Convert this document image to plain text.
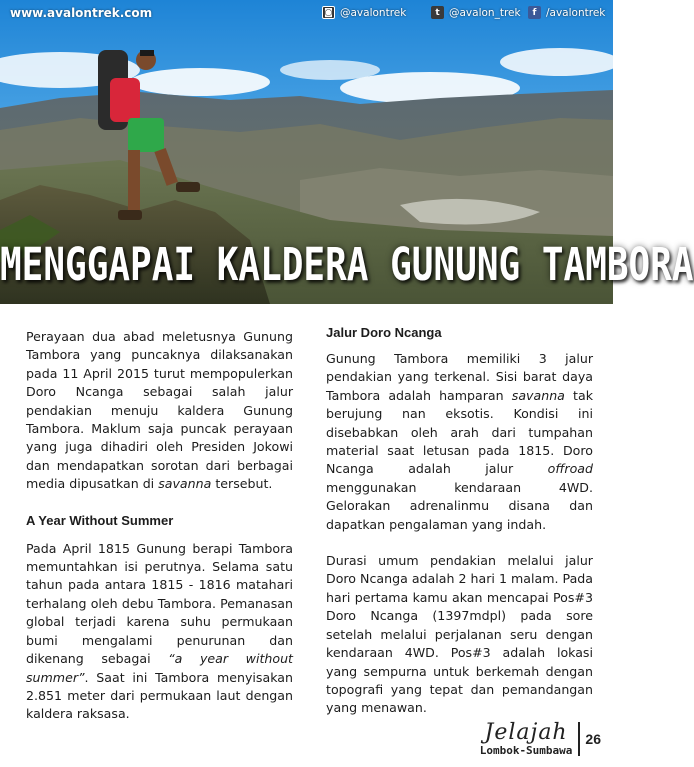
www.avalontrek.com	◙ @avalontrek	t @avalon_trek	f /avalontrek
MENGGAPAI KALDERA GUNUNG TAMBORA

Perayaan dua abad meletusnya Gunung Tambora yang puncaknya dilaksanakan pada 11 April 2015 turut mempopulerkan Doro Ncanga sebagai salah jalur pendakian menuju kaldera Gunung Tambora. Maklum saja puncak perayaan yang juga dihadiri oleh Presiden Jokowi dan mendapatkan sorotan dari berbagai media dipusatkan di savanna tersebut.

A Year Without Summer

Pada April 1815 Gunung berapi Tambora memuntahkan isi perutnya. Selama satu tahun pada antara 1815 - 1816 matahari terhalang oleh debu Tambora. Pemanasan global terjadi karena suhu permukaan bumi mengalami penurunan dan dikenang sebagai “a year without summer”. Saat ini Tambora menyisakan 2.851 meter dari permukaan laut dengan kaldera raksasa.

Jalur Doro Ncanga

Gunung Tambora memiliki 3 jalur pendakian yang terkenal. Sisi barat daya Tambora adalah hamparan savanna tak berujung nan eksotis. Kondisi ini disebabkan oleh arah dari tumpahan material saat letusan pada 1815. Doro Ncanga adalah jalur offroad menggunakan kendaraan 4WD. Gelorakan adrenalinmu disana dan dapatkan pengalaman yang indah.

Durasi umum pendakian melalui jalur Doro Ncanga adalah 2 hari 1 malam. Pada hari pertama kamu akan mencapai Pos#3 Doro Ncanga (1397mdpl) pada sore setelah melalui perjalanan seru dengan kendaraan 4WD. Pos#3 adalah lokasi yang sempurna untuk berkemah dengan topografi yang tepat dan pemandangan yang menawan.

Jelajah
Lombok-Sumbawa
26
